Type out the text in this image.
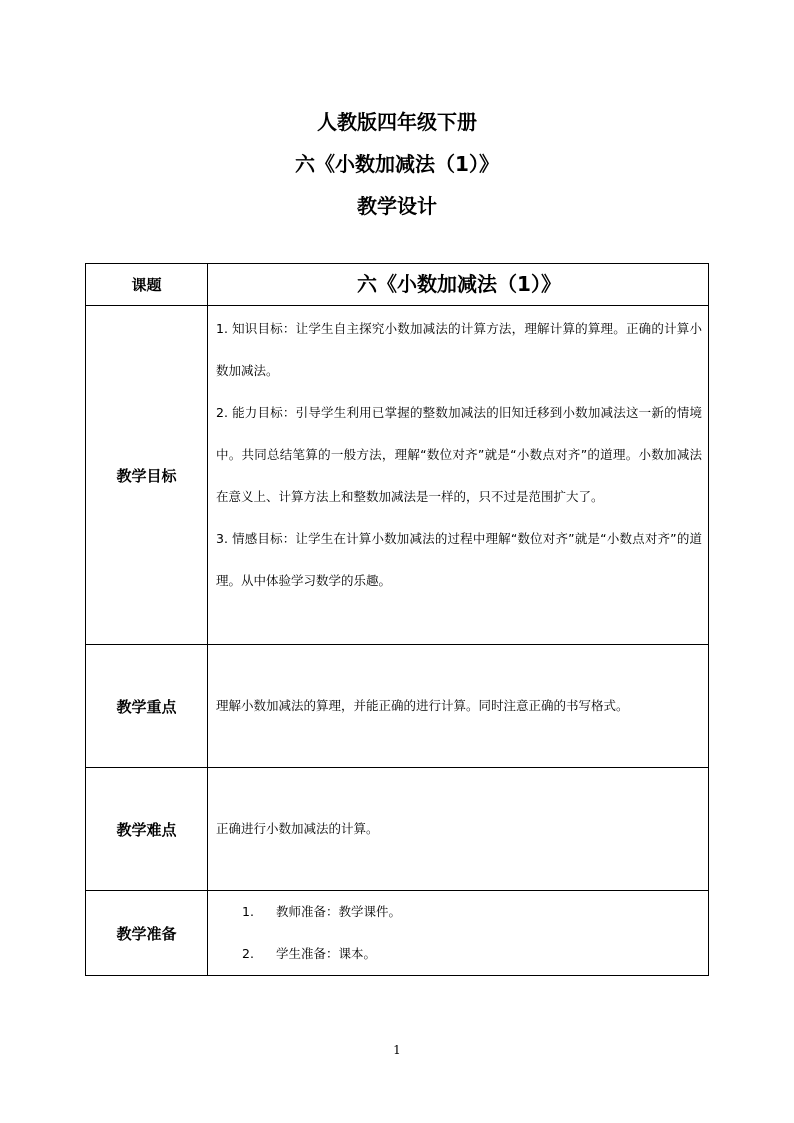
人教版四年级下册
六《小数加减法（1）》
教学设计
课题	六《小数加减法（1）》
教学目标	1. 知识目标：让学生自主探究小数加减法的计算方法，理解计算的算理。正确的计算小数加减法。
2. 能力目标：引导学生利用已掌握的整数加减法的旧知迁移到小数加减法这一新的情境中。共同总结笔算的一般方法，理解“数位对齐”就是“小数点对齐”的道理。小数加减法在意义上、计算方法上和整数加减法是一样的，只不过是范围扩大了。
3. 情感目标：让学生在计算小数加减法的过程中理解“数位对齐”就是“小数点对齐”的道理。从中体验学习数学的乐趣。

教学重点	理解小数加减法的算理，并能正确的进行计算。同时注意正确的书写格式。
教学难点	正确进行小数加减法的计算。
教学准备	1. 教师准备：教学课件。
2. 学生准备：课本。
1
